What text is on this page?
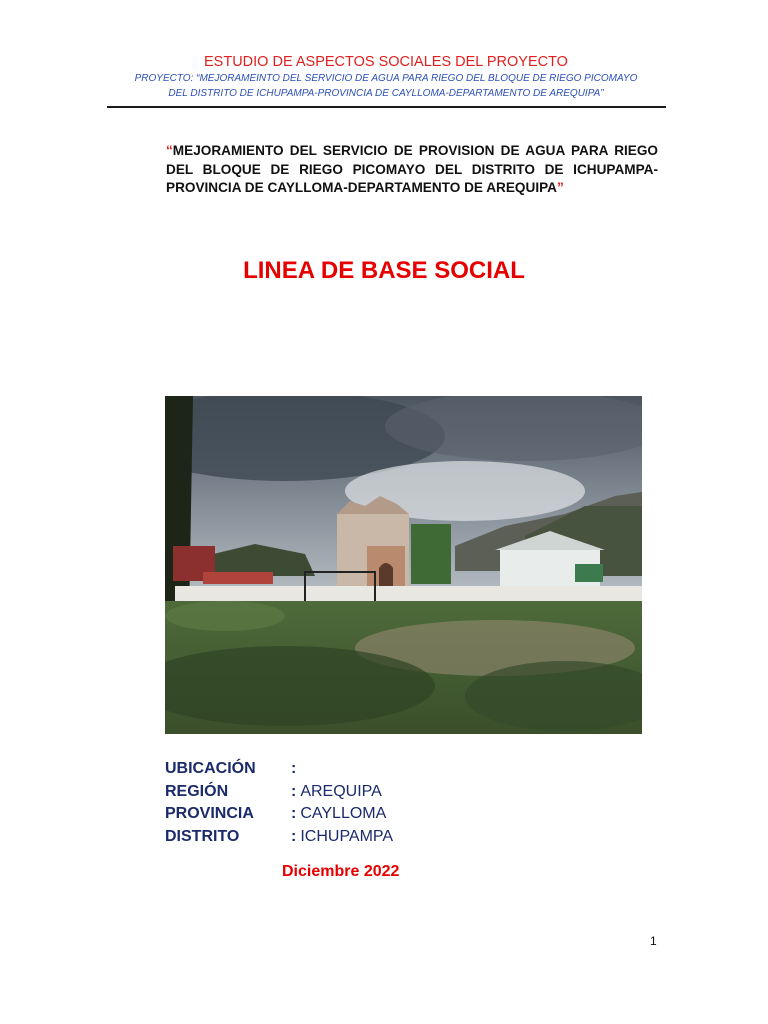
ESTUDIO DE ASPECTOS SOCIALES DEL PROYECTO
PROYECTO: “MEJORAMEINTO DEL SERVICIO DE AGUA PARA RIEGO DEL BLOQUE DE RIEGO PICOMAYO
DEL DISTRITO DE ICHUPAMPA-PROVINCIA DE CAYLLOMA-DEPARTAMENTO DE AREQUIPA”
“MEJORAMIENTO DEL SERVICIO DE PROVISION DE AGUA PARA RIEGO DEL BLOQUE DE RIEGO PICOMAYO DEL DISTRITO DE ICHUPAMPA-PROVINCIA DE CAYLLOMA-DEPARTAMENTO DE AREQUIPA”
LINEA DE BASE SOCIAL
UBICACIÓN	:
REGIÓN	: AREQUIPA
PROVINCIA	: CAYLLOMA
DISTRITO	: ICHUPAMPA
Diciembre 2022
1
